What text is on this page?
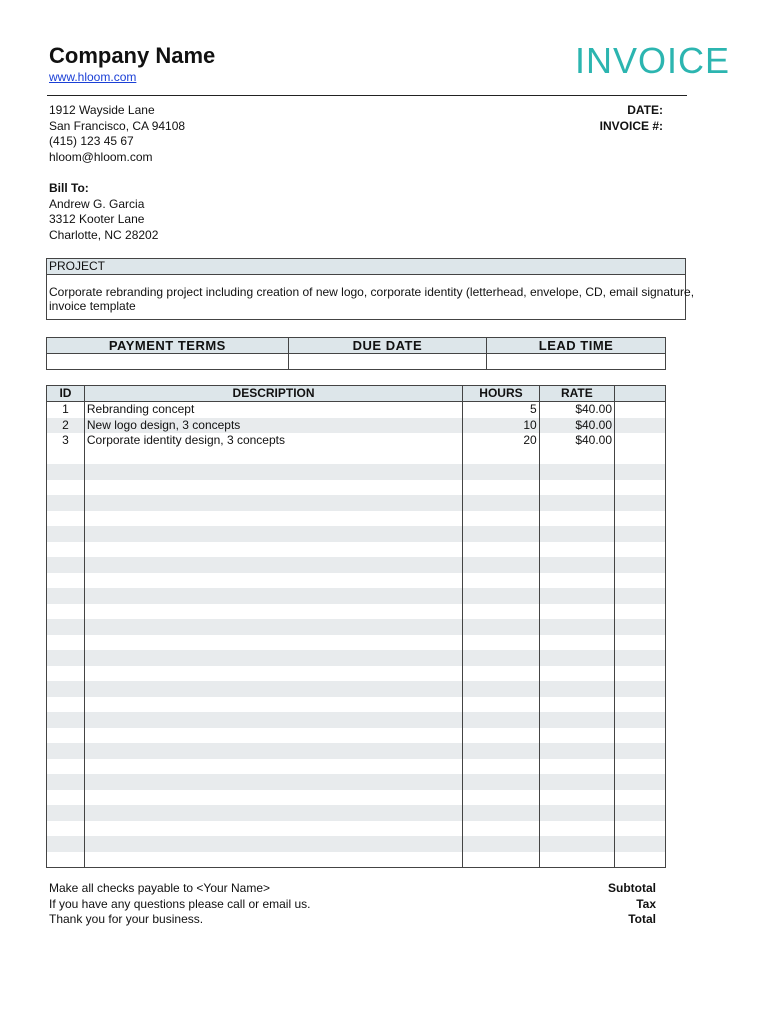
Company Name
www.hloom.com	INVOICE
1912 Wayside Lane
San Francisco, CA 94108
(415) 123 45 67
hloom@hloom.com
DATE:
INVOICE #:
Bill To:
Andrew G. Garcia
3312 Kooter Lane
Charlotte, NC 28202
PROJECT
Corporate rebranding project including creation of new logo, corporate identity (letterhead, envelope, CD, email signature, invoice template
PAYMENT TERMS	DUE DATE	LEAD TIME

ID	DESCRIPTION	HOURS	RATE	
1	Rebranding concept	5	$40.00	
2	New logo design, 3 concepts	10	$40.00	
3	Corporate identity design, 3 concepts	20	$40.00	

Make all checks payable to <Your Name>
If you have any questions please call or email us.
Thank you for your business.
Subtotal
Tax
Total
